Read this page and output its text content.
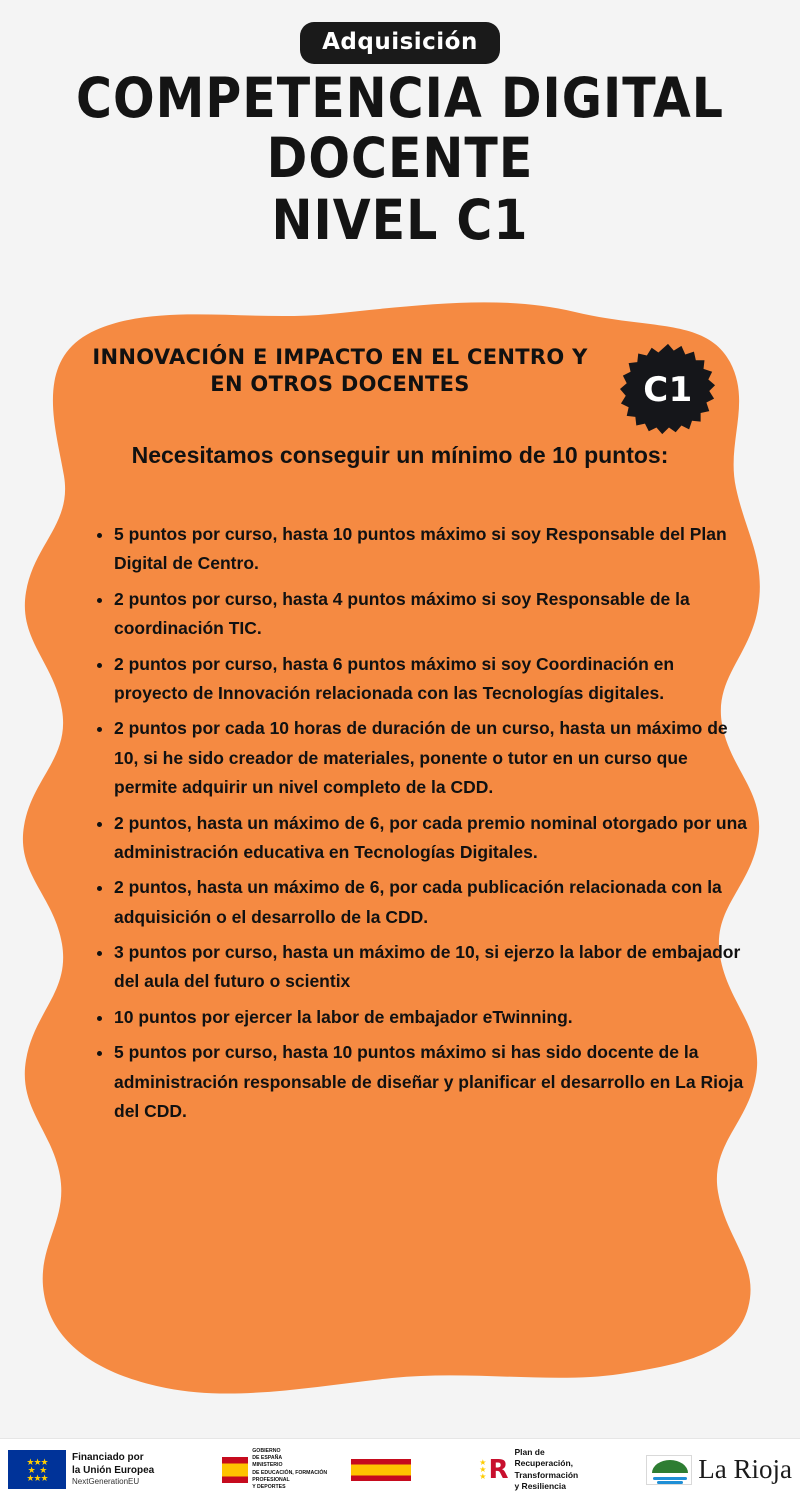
Adquisición
COMPETENCIA DIGITAL
DOCENTE
NIVEL C1
INNOVACIÓN E IMPACTO EN EL CENTRO Y
EN OTROS DOCENTES	C1
Necesitamos conseguir un mínimo de 10 puntos:
• 5 puntos por curso, hasta 10 puntos máximo si soy Responsable del Plan Digital de Centro.
• 2 puntos por curso, hasta 4 puntos máximo si soy Responsable de la coordinación TIC.
• 2 puntos por curso, hasta 6 puntos máximo si soy Coordinación en proyecto de Innovación relacionada con las Tecnologías digitales.
• 2 puntos por cada 10 horas de duración de un curso, hasta un máximo de 10, si he sido creador de materiales, ponente o tutor en un curso que permite adquirir un nivel completo de la CDD.
• 2 puntos, hasta un máximo de 6, por cada premio nominal otorgado por una administración educativa en Tecnologías Digitales.
• 2 puntos, hasta un máximo de 6, por cada publicación relacionada con la adquisición o el desarrollo de la CDD.
• 3 puntos por curso, hasta un máximo de 10, si ejerzo la labor de embajador del aula del futuro o scientix
• 10 puntos por ejercer la labor de embajador eTwinning.
• 5 puntos por curso, hasta 10 puntos máximo si has sido docente de la administración responsable de diseñar y planificar el desarrollo en La Rioja del CDD.
★★★
★   ★
★★★
Financiado por
la Unión Europea
NextGenerationEU
GOBIERNO
DE ESPAÑA
MINISTERIO
DE EDUCACIÓN, FORMACIÓN PROFESIONAL
Y DEPORTES
★
★
★ R
Plan de
Recuperación,
Transformación
y Resiliencia
La Rioja
